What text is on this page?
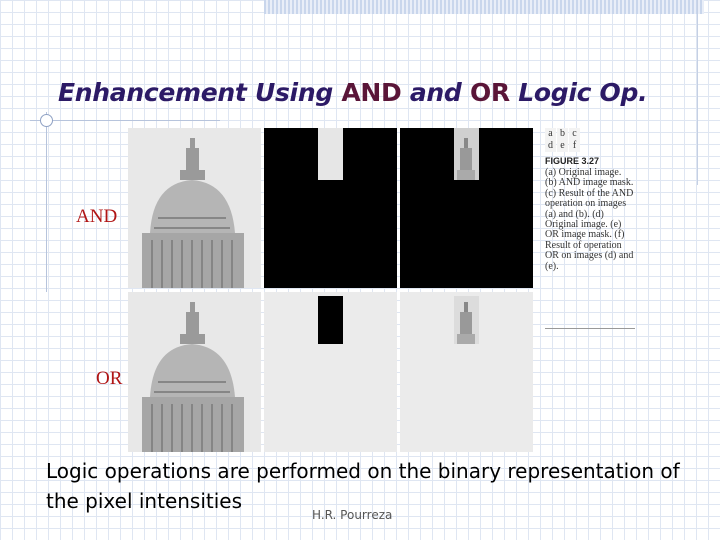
Enhancement Using AND and OR Logic Op.
AND
OR
a b c
d e f
FIGURE 3.27
(a) Original image. (b) AND image mask. (c) Result of the AND operation on images (a) and (b). (d) Original image. (e) OR image mask. (f) Result of operation OR on images (d) and (e).
Logic operations are performed on the binary representation of the pixel intensities
H.R. Pourreza
